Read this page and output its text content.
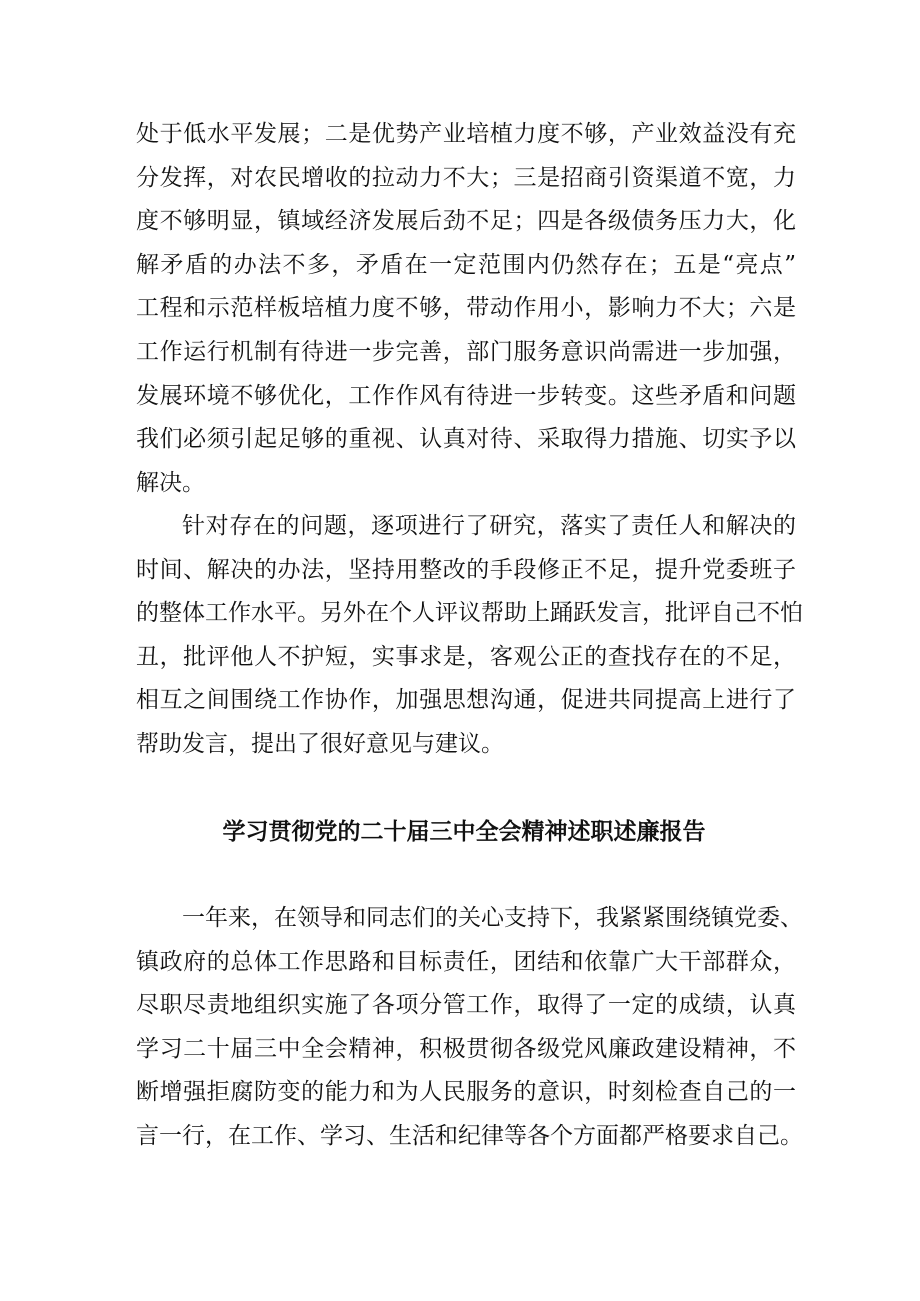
处于低水平发展；二是优势产业培植力度不够，产业效益没有充
分发挥，对农民增收的拉动力不大；三是招商引资渠道不宽，力
度不够明显，镇域经济发展后劲不足；四是各级债务压力大，化
解矛盾的办法不多，矛盾在一定范围内仍然存在；五是“亮点”
工程和示范样板培植力度不够，带动作用小，影响力不大；六是
工作运行机制有待进一步完善，部门服务意识尚需进一步加强，
发展环境不够优化，工作作风有待进一步转变。这些矛盾和问题
我们必须引起足够的重视、认真对待、采取得力措施、切实予以
解决。
针对存在的问题，逐项进行了研究，落实了责任人和解决的
时间、解决的办法，坚持用整改的手段修正不足，提升党委班子
的整体工作水平。另外在个人评议帮助上踊跃发言，批评自己不怕
丑，批评他人不护短，实事求是，客观公正的查找存在的不足，
相互之间围绕工作协作，加强思想沟通，促进共同提高上进行了
帮助发言，提出了很好意见与建议。
学习贯彻党的二十届三中全会精神述职述廉报告
一年来，在领导和同志们的关心支持下，我紧紧围绕镇党委、
镇政府的总体工作思路和目标责任，团结和依靠广大干部群众，
尽职尽责地组织实施了各项分管工作，取得了一定的成绩，认真
学习二十届三中全会精神，积极贯彻各级党风廉政建设精神，不
断增强拒腐防变的能力和为人民服务的意识，时刻检查自己的一
言一行，在工作、学习、生活和纪律等各个方面都严格要求自己。
